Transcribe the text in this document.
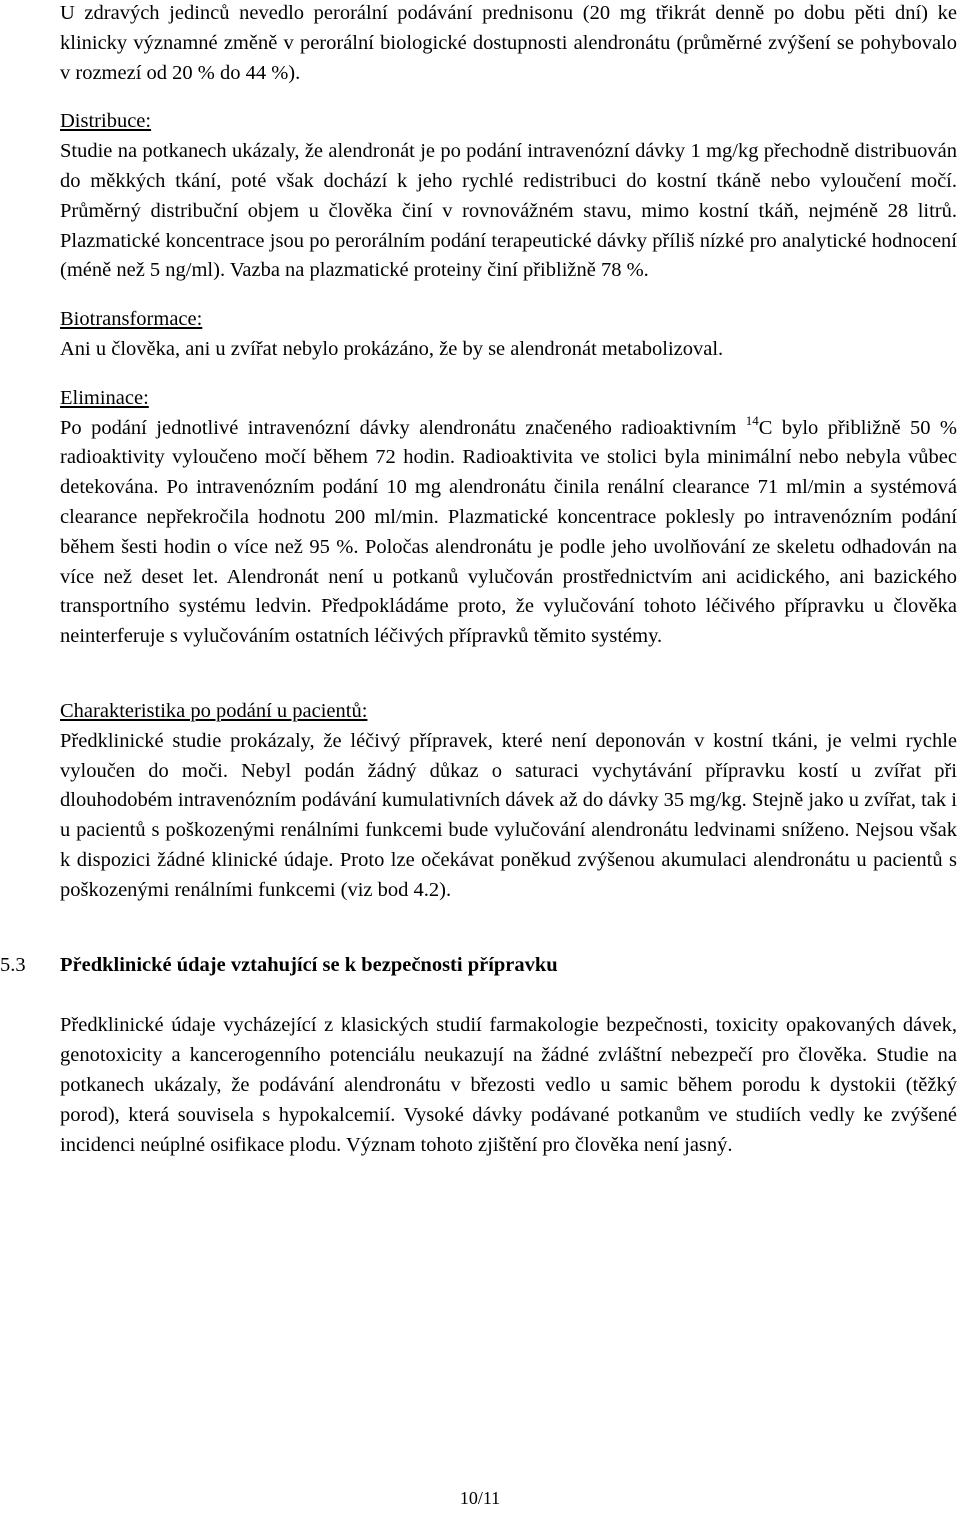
U zdravých jedinců nevedlo perorální podávání prednisonu (20 mg třikrát denně po dobu pěti dní) ke klinicky významné změně v perorální biologické dostupnosti alendronátu (průměrné zvýšení se pohybovalo v rozmezí od 20 % do 44 %).

Distribuce:

Studie na potkanech ukázaly, že alendronát je po podání intravenózní dávky 1 mg/kg přechodně distribuován do měkkých tkání, poté však dochází k jeho rychlé redistribuci do kostní tkáně nebo vyloučení močí. Průměrný distribuční objem u člověka činí v rovnovážném stavu, mimo kostní tkáň, nejméně 28 litrů. Plazmatické koncentrace jsou po perorálním podání terapeutické dávky příliš nízké pro analytické hodnocení (méně než 5 ng/ml). Vazba na plazmatické proteiny činí přibližně 78 %.

Biotransformace:

Ani u člověka, ani u zvířat nebylo prokázáno, že by se alendronát metabolizoval.

Eliminace:

Po podání jednotlivé intravenózní dávky alendronátu značeného radioaktivním $^{14}$C bylo přibližně 50 % radioaktivity vyloučeno močí během 72 hodin. Radioaktivita ve stolici byla minimální nebo nebyla vůbec detekována. Po intravenózním podání 10 mg alendronátu činila renální clearance 71 ml/min a systémová clearance nepřekročila hodnotu 200 ml/min. Plazmatické koncentrace poklesly po intravenózním podání během šesti hodin o více než 95 %. Poločas alendronátu je podle jeho uvolňování ze skeletu odhadován na více než deset let. Alendronát není u potkanů vylučován prostřednictvím ani acidického, ani bazického transportního systému ledvin. Předpokládáme proto, že vylučování tohoto léčivého přípravku u člověka neinterferuje s vylučováním ostatních léčivých přípravků těmito systémy.

Charakteristika po podání u pacientů:

Předklinické studie prokázaly, že léčivý přípravek, které není deponován v kostní tkáni, je velmi rychle vyloučen do moči. Nebyl podán žádný důkaz o saturaci vychytávání přípravku kostí u zvířat při dlouhodobém intravenózním podávání kumulativních dávek až do dávky 35 mg/kg. Stejně jako u zvířat, tak i u pacientů s poškozenými renálními funkcemi bude vylučování alendronátu ledvinami sníženo. Nejsou však k dispozici žádné klinické údaje. Proto lze očekávat poněkud zvýšenou akumulaci alendronátu u pacientů s poškozenými renálními funkcemi (viz bod 4.2).

5.3 Předklinické údaje vztahující se k bezpečnosti přípravku

Předklinické údaje vycházející z klasických studií farmakologie bezpečnosti, toxicity opakovaných dávek, genotoxicity a kancerogenního potenciálu neukazují na žádné zvláštní nebezpečí pro člověka. Studie na potkanech ukázaly, že podávání alendronátu v březosti vedlo u samic během porodu k dystokii (těžký porod), která souvisela s hypokalcemií. Vysoké dávky podávané potkanům ve studiích vedly ke zvýšené incidenci neúplné osifikace plodu. Význam tohoto zjištění pro člověka není jasný.

10/11
